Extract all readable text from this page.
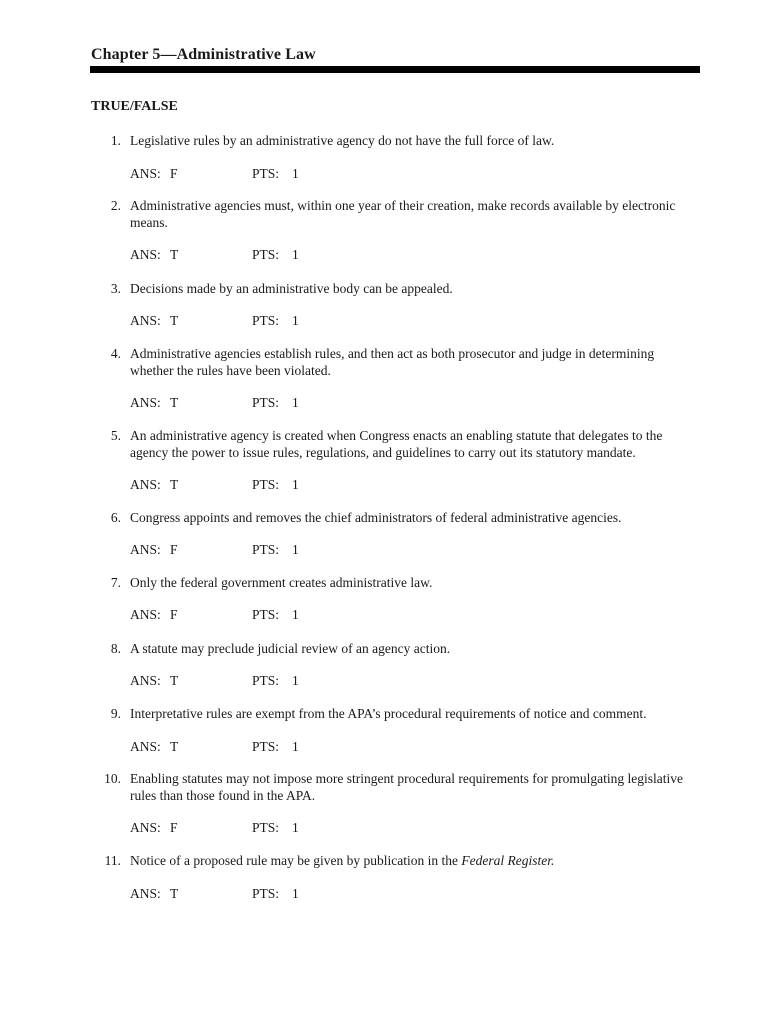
Chapter 5—Administrative Law
TRUE/FALSE
1. Legislative rules by an administrative agency do not have the full force of law.
ANS: F	PTS: 1
2. Administrative agencies must, within one year of their creation, make records available by electronic means.
ANS: T	PTS: 1
3. Decisions made by an administrative body can be appealed.
ANS: T	PTS: 1
4. Administrative agencies establish rules, and then act as both prosecutor and judge in determining whether the rules have been violated.
ANS: T	PTS: 1
5. An administrative agency is created when Congress enacts an enabling statute that delegates to the agency the power to issue rules, regulations, and guidelines to carry out its statutory mandate.
ANS: T	PTS: 1
6. Congress appoints and removes the chief administrators of federal administrative agencies.
ANS: F	PTS: 1
7. Only the federal government creates administrative law.
ANS: F	PTS: 1
8. A statute may preclude judicial review of an agency action.
ANS: T	PTS: 1
9. Interpretative rules are exempt from the APA’s procedural requirements of notice and comment.
ANS: T	PTS: 1
10. Enabling statutes may not impose more stringent procedural requirements for promulgating legislative rules than those found in the APA.
ANS: F	PTS: 1
11. Notice of a proposed rule may be given by publication in the Federal Register.
ANS: T	PTS: 1
